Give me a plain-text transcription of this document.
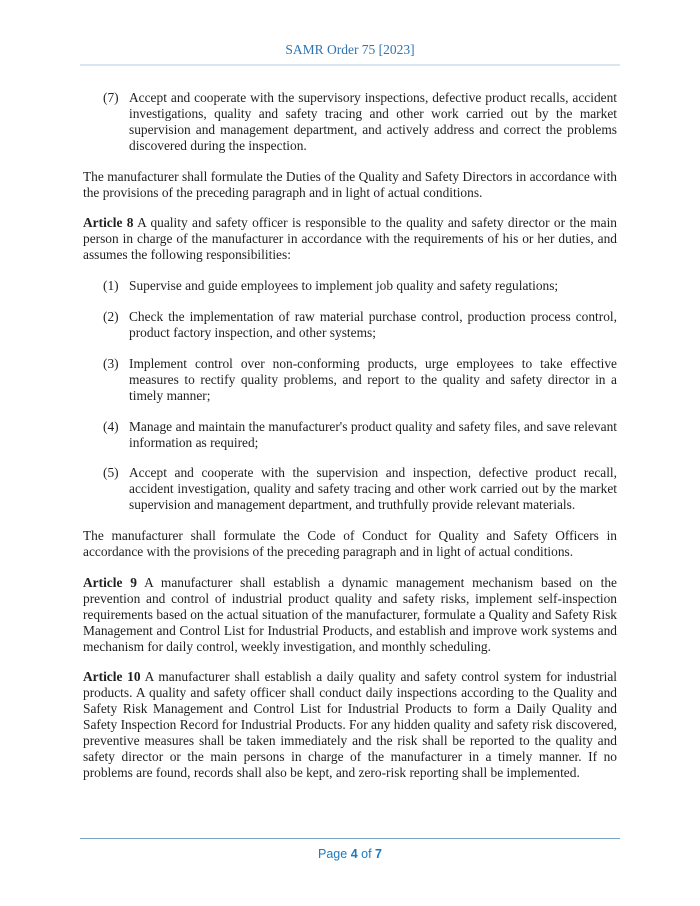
SAMR Order 75 [2023]
(7) Accept and cooperate with the supervisory inspections, defective product recalls, accident investigations, quality and safety tracing and other work carried out by the market supervision and management department, and actively address and correct the problems discovered during the inspection.

The manufacturer shall formulate the Duties of the Quality and Safety Directors in accordance with the provisions of the preceding paragraph and in light of actual conditions.

Article 8 A quality and safety officer is responsible to the quality and safety director or the main person in charge of the manufacturer in accordance with the requirements of his or her duties, and assumes the following responsibilities:

(1) Supervise and guide employees to implement job quality and safety regulations;
(2) Check the implementation of raw material purchase control, production process control, product factory inspection, and other systems;
(3) Implement control over non-conforming products, urge employees to take effective measures to rectify quality problems, and report to the quality and safety director in a timely manner;
(4) Manage and maintain the manufacturer's product quality and safety files, and save relevant information as required;
(5) Accept and cooperate with the supervision and inspection, defective product recall, accident investigation, quality and safety tracing and other work carried out by the market supervision and management department, and truthfully provide relevant materials.

The manufacturer shall formulate the Code of Conduct for Quality and Safety Officers in accordance with the provisions of the preceding paragraph and in light of actual conditions.

Article 9 A manufacturer shall establish a dynamic management mechanism based on the prevention and control of industrial product quality and safety risks, implement self-inspection requirements based on the actual situation of the manufacturer, formulate a Quality and Safety Risk Management and Control List for Industrial Products, and establish and improve work systems and mechanism for daily control, weekly investigation, and monthly scheduling.

Article 10 A manufacturer shall establish a daily quality and safety control system for industrial products. A quality and safety officer shall conduct daily inspections according to the Quality and Safety Risk Management and Control List for Industrial Products to form a Daily Quality and Safety Inspection Record for Industrial Products. For any hidden quality and safety risk discovered, preventive measures shall be taken immediately and the risk shall be reported to the quality and safety director or the main persons in charge of the manufacturer in a timely manner. If no problems are found, records shall also be kept, and zero-risk reporting shall be implemented.

Page 4 of 7
